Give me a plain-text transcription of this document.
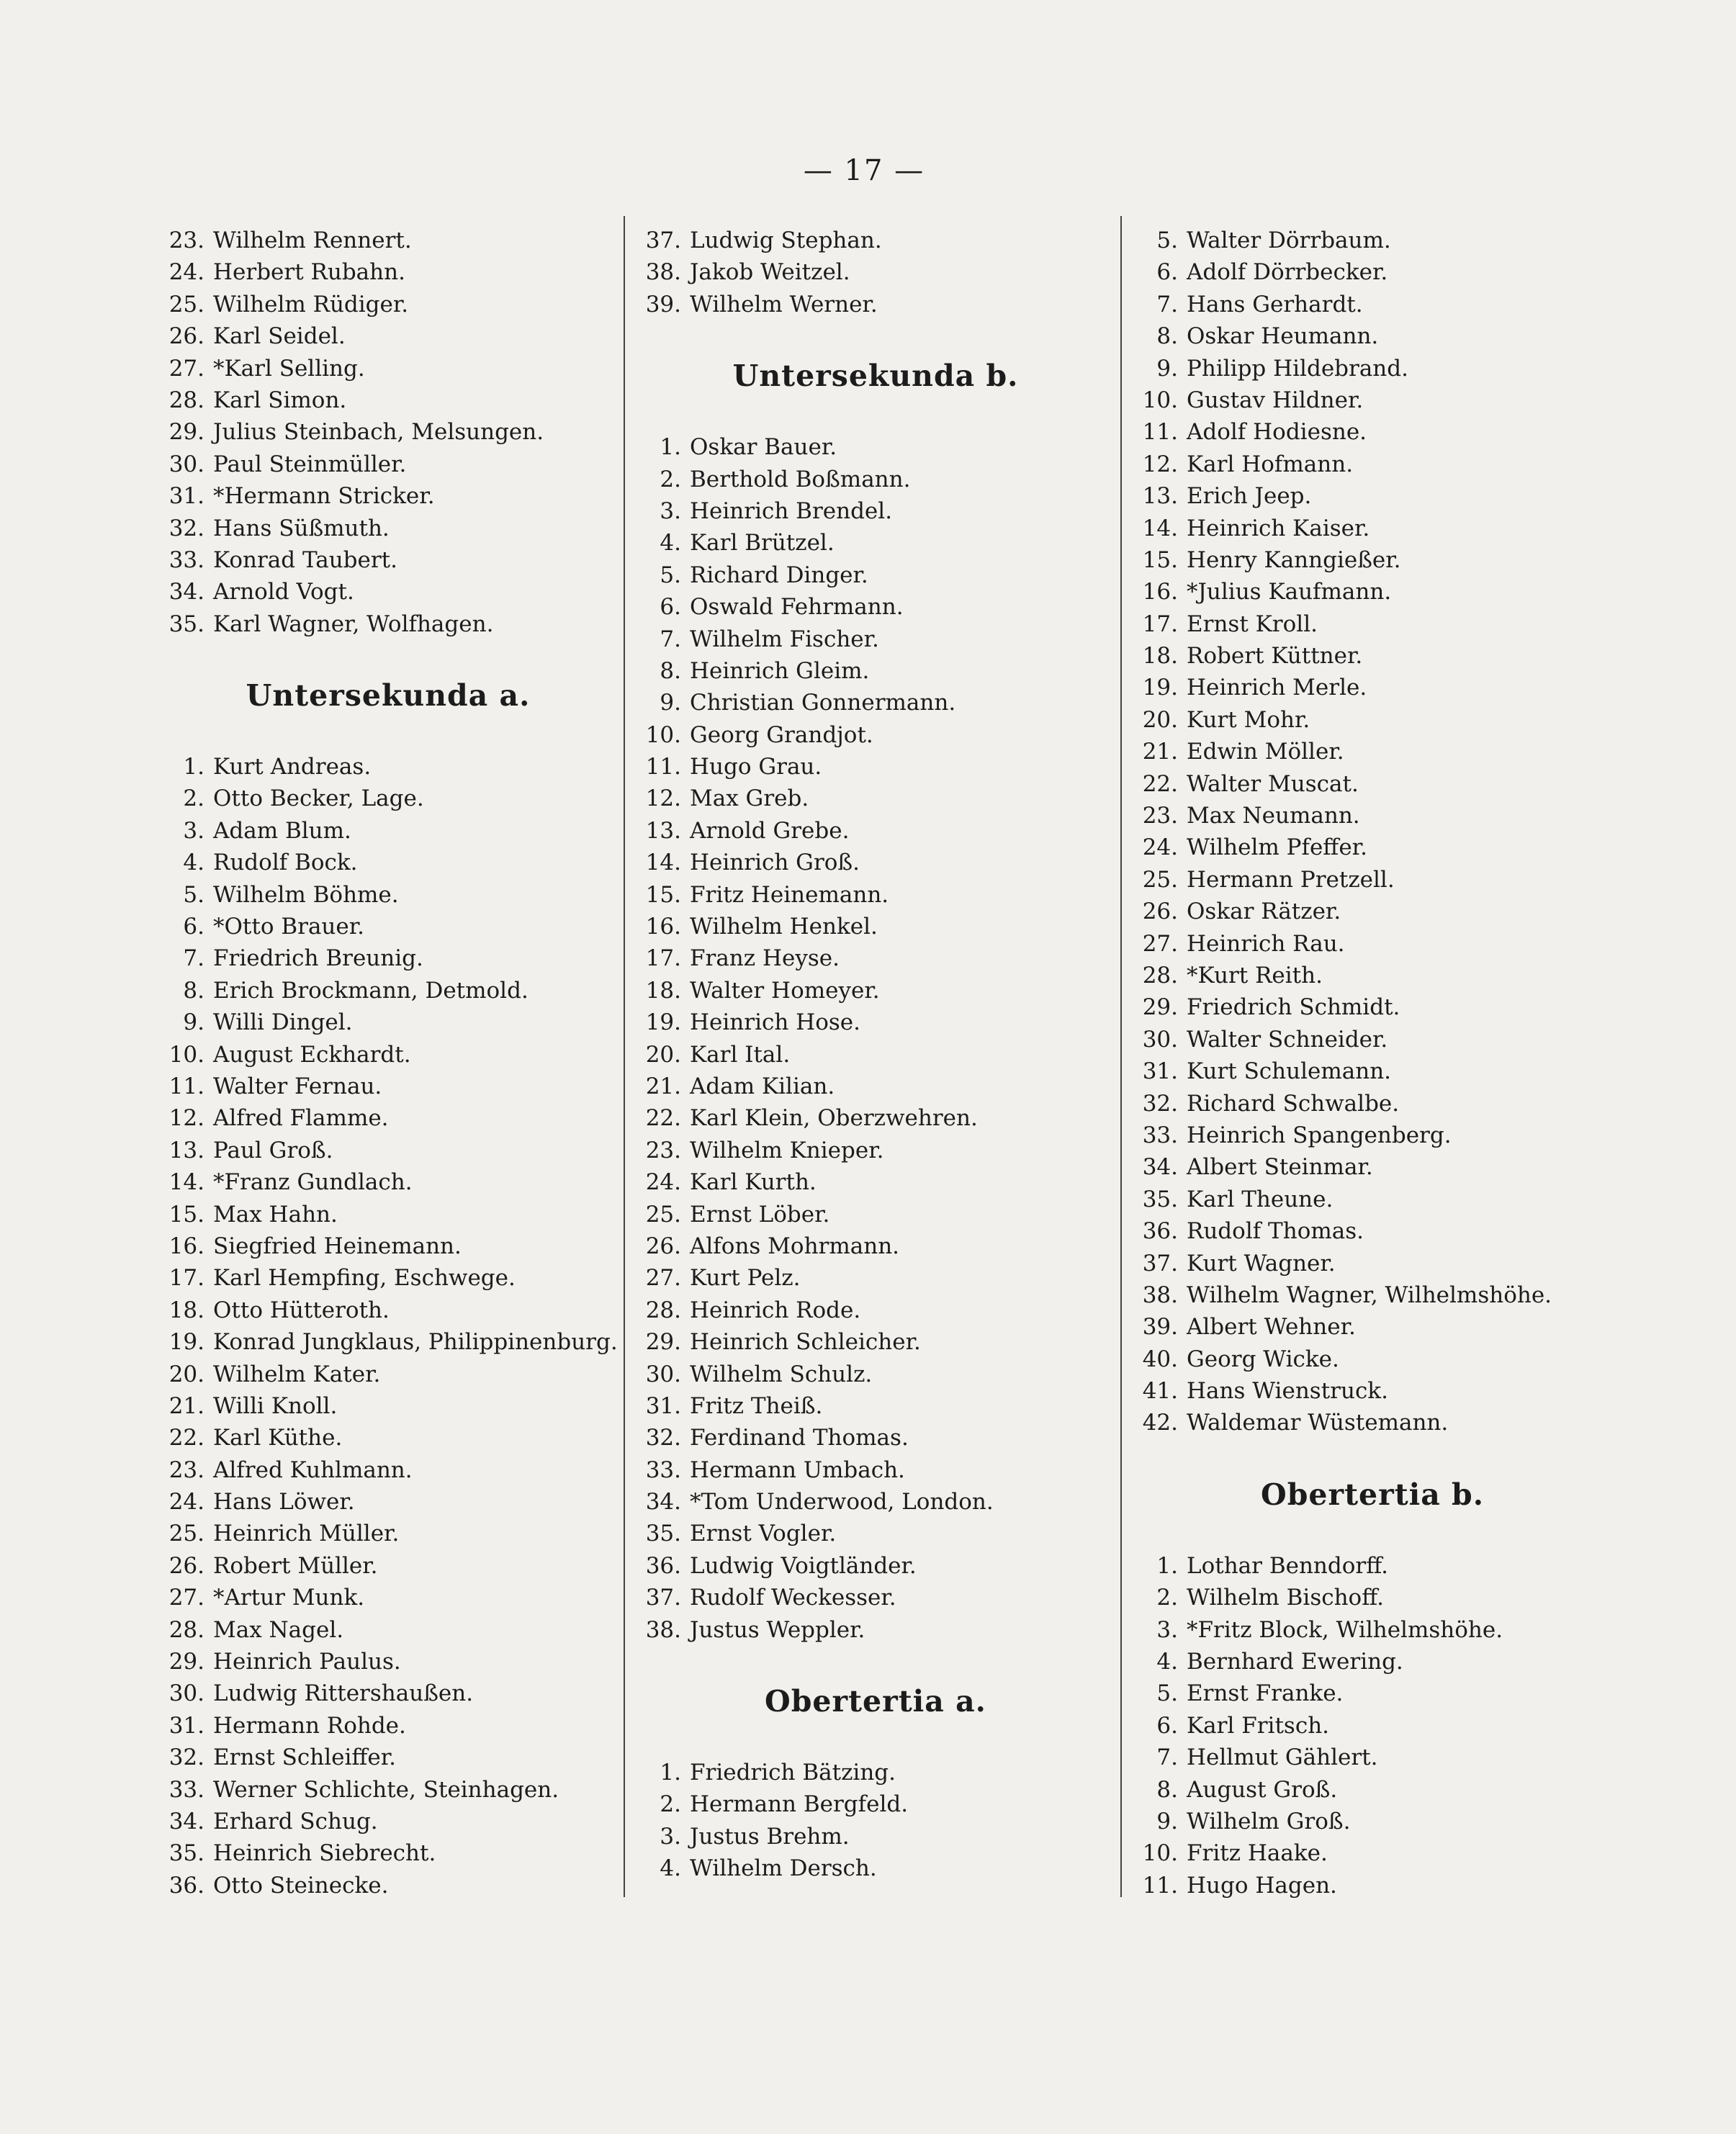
— 17 —
23. Wilhelm Rennert.
24. Herbert Rubahn.
25. Wilhelm Rüdiger.
26. Karl Seidel.
27. *Karl Selling.
28. Karl Simon.
29. Julius Steinbach, Melsungen.
30. Paul Steinmüller.
31. *Hermann Stricker.
32. Hans Süßmuth.
33. Konrad Taubert.
34. Arnold Vogt.
35. Karl Wagner, Wolfhagen.
Untersekunda a.
1. Kurt Andreas.
2. Otto Becker, Lage.
3. Adam Blum.
4. Rudolf Bock.
5. Wilhelm Böhme.
6. *Otto Brauer.
7. Friedrich Breunig.
8. Erich Brockmann, Detmold.
9. Willi Dingel.
10. August Eckhardt.
11. Walter Fernau.
12. Alfred Flamme.
13. Paul Groß.
14. *Franz Gundlach.
15. Max Hahn.
16. Siegfried Heinemann.
17. Karl Hempfing, Eschwege.
18. Otto Hütteroth.
19. Konrad Jungklaus, Philippinenburg.
20. Wilhelm Kater.
21. Willi Knoll.
22. Karl Küthe.
23. Alfred Kuhlmann.
24. Hans Löwer.
25. Heinrich Müller.
26. Robert Müller.
27. *Artur Munk.
28. Max Nagel.
29. Heinrich Paulus.
30. Ludwig Rittershaußen.
31. Hermann Rohde.
32. Ernst Schleiffer.
33. Werner Schlichte, Steinhagen.
34. Erhard Schug.
35. Heinrich Siebrecht.
36. Otto Steinecke.
37. Ludwig Stephan.
38. Jakob Weitzel.
39. Wilhelm Werner.
Untersekunda b.
1. Oskar Bauer.
2. Berthold Boßmann.
3. Heinrich Brendel.
4. Karl Brützel.
5. Richard Dinger.
6. Oswald Fehrmann.
7. Wilhelm Fischer.
8. Heinrich Gleim.
9. Christian Gonnermann.
10. Georg Grandjot.
11. Hugo Grau.
12. Max Greb.
13. Arnold Grebe.
14. Heinrich Groß.
15. Fritz Heinemann.
16. Wilhelm Henkel.
17. Franz Heyse.
18. Walter Homeyer.
19. Heinrich Hose.
20. Karl Ital.
21. Adam Kilian.
22. Karl Klein, Oberzwehren.
23. Wilhelm Knieper.
24. Karl Kurth.
25. Ernst Löber.
26. Alfons Mohrmann.
27. Kurt Pelz.
28. Heinrich Rode.
29. Heinrich Schleicher.
30. Wilhelm Schulz.
31. Fritz Theiß.
32. Ferdinand Thomas.
33. Hermann Umbach.
34. *Tom Underwood, London.
35. Ernst Vogler.
36. Ludwig Voigtländer.
37. Rudolf Weckesser.
38. Justus Weppler.
Obertertia a.
1. Friedrich Bätzing.
2. Hermann Bergfeld.
3. Justus Brehm.
4. Wilhelm Dersch.
5. Walter Dörrbaum.
6. Adolf Dörrbecker.
7. Hans Gerhardt.
8. Oskar Heumann.
9. Philipp Hildebrand.
10. Gustav Hildner.
11. Adolf Hodiesne.
12. Karl Hofmann.
13. Erich Jeep.
14. Heinrich Kaiser.
15. Henry Kanngießer.
16. *Julius Kaufmann.
17. Ernst Kroll.
18. Robert Küttner.
19. Heinrich Merle.
20. Kurt Mohr.
21. Edwin Möller.
22. Walter Muscat.
23. Max Neumann.
24. Wilhelm Pfeffer.
25. Hermann Pretzell.
26. Oskar Rätzer.
27. Heinrich Rau.
28. *Kurt Reith.
29. Friedrich Schmidt.
30. Walter Schneider.
31. Kurt Schulemann.
32. Richard Schwalbe.
33. Heinrich Spangenberg.
34. Albert Steinmar.
35. Karl Theune.
36. Rudolf Thomas.
37. Kurt Wagner.
38. Wilhelm Wagner, Wilhelmshöhe.
39. Albert Wehner.
40. Georg Wicke.
41. Hans Wienstruck.
42. Waldemar Wüstemann.
Obertertia b.
1. Lothar Benndorff.
2. Wilhelm Bischoff.
3. *Fritz Block, Wilhelmshöhe.
4. Bernhard Ewering.
5. Ernst Franke.
6. Karl Fritsch.
7. Hellmut Gählert.
8. August Groß.
9. Wilhelm Groß.
10. Fritz Haake.
11. Hugo Hagen.
